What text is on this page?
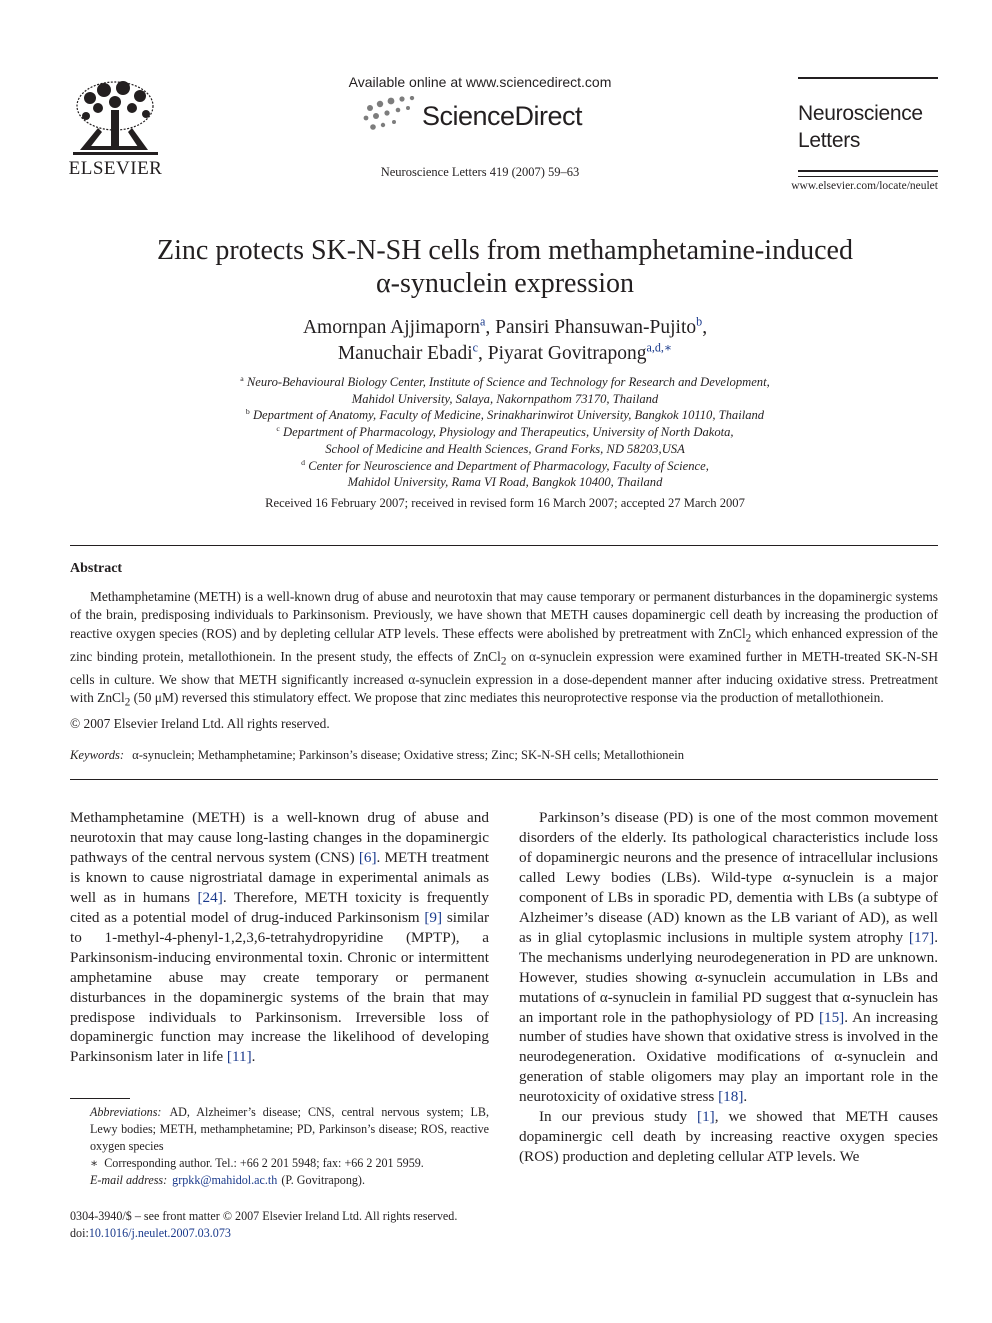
ELSEVIER
Available online at www.sciencedirect.com
ScienceDirect
Neuroscience Letters 419 (2007) 59–63
Neuroscience
Letters
www.elsevier.com/locate/neulet
Zinc protects SK-N-SH cells from methamphetamine-induced
α-synuclein expression
Amornpan Ajjimaporn$^a$, Pansiri Phansuwan-Pujito$^b$,
Manuchair Ebadi$^c$, Piyarat Govitrapong$^{a,d,∗}$
$^a$ Neuro-Behavioural Biology Center, Institute of Science and Technology for Research and Development,
Mahidol University, Salaya, Nakornpathom 73170, Thailand
$^b$ Department of Anatomy, Faculty of Medicine, Srinakharinwirot University, Bangkok 10110, Thailand
$^c$ Department of Pharmacology, Physiology and Therapeutics, University of North Dakota,
School of Medicine and Health Sciences, Grand Forks, ND 58203,USA
$^d$ Center for Neuroscience and Department of Pharmacology, Faculty of Science,
Mahidol University, Rama VI Road, Bangkok 10400, Thailand
Received 16 February 2007; received in revised form 16 March 2007; accepted 27 March 2007
Abstract

Methamphetamine (METH) is a well-known drug of abuse and neurotoxin that may cause temporary or permanent disturbances in the dopaminergic systems of the brain, predisposing individuals to Parkinsonism. Previously, we have shown that METH causes dopaminergic cell death by increasing the production of reactive oxygen species (ROS) and by depleting cellular ATP levels. These effects were abolished by pretreatment with ZnCl$_2$ which enhanced expression of the zinc binding protein, metallothionein. In the present study, the effects of ZnCl$_2$ on α-synuclein expression were examined further in METH-treated SK-N-SH cells in culture. We show that METH significantly increased α-synuclein expression in a dose-dependent manner after inducing oxidative stress. Pretreatment with ZnCl$_2$ (50 μM) reversed this stimulatory effect. We propose that zinc mediates this neuroprotective response via the production of metallothionein.

© 2007 Elsevier Ireland Ltd. All rights reserved.
Keywords: α-synuclein; Methamphetamine; Parkinson’s disease; Oxidative stress; Zinc; SK-N-SH cells; Metallothionein

Methamphetamine (METH) is a well-known drug of abuse and neurotoxin that may cause long-lasting changes in the dopaminergic pathways of the central nervous system (CNS) [6]. METH treatment is known to cause nigrostriatal damage in experimental animals as well as in humans [24]. Therefore, METH toxicity is frequently cited as a potential model of drug-induced Parkinsonism [9] similar to 1-methyl-4-phenyl-1,2,3,6-tetrahydropyridine (MPTP), a Parkinsonism-inducing environmental toxin. Chronic or intermittent amphetamine abuse may create temporary or permanent disturbances in the dopaminergic systems of the brain that may predispose individuals to Parkinsonism. Irreversible loss of dopaminergic function may increase the likelihood of developing Parkinsonism later in life [11].

Parkinson’s disease (PD) is one of the most common movement disorders of the elderly. Its pathological characteristics include loss of dopaminergic neurons and the presence of intracellular inclusions called Lewy bodies (LBs). Wild-type α-synuclein is a major component of LBs in sporadic PD, dementia with LBs (a subtype of Alzheimer’s disease (AD) known as the LB variant of AD), as well as in glial cytoplasmic inclusions in multiple system atrophy [17]. The mechanisms underlying neurodegeneration in PD are unknown. However, studies showing α-synuclein accumulation in LBs and mutations of α-synuclein in familial PD suggest that α-synuclein has an important role in the pathophysiology of PD [15]. An increasing number of studies have shown that oxidative stress is involved in the neurodegeneration. Oxidative modifications of α-synuclein and generation of stable oligomers may play an important role in the neurotoxicity of oxidative stress [18].

In our previous study [1], we showed that METH causes dopaminergic cell death by increasing reactive oxygen species (ROS) production and depleting cellular ATP levels. We

Abbreviations: AD, Alzheimer’s disease; CNS, central nervous system; LB, Lewy bodies; METH, methamphetamine; PD, Parkinson’s disease; ROS, reactive oxygen species

∗ Corresponding author. Tel.: +66 2 201 5948; fax: +66 2 201 5959.

E-mail address: grpkk@mahidol.ac.th (P. Govitrapong).

0304-3940/$ – see front matter © 2007 Elsevier Ireland Ltd. All rights reserved.

doi:10.1016/j.neulet.2007.03.073
